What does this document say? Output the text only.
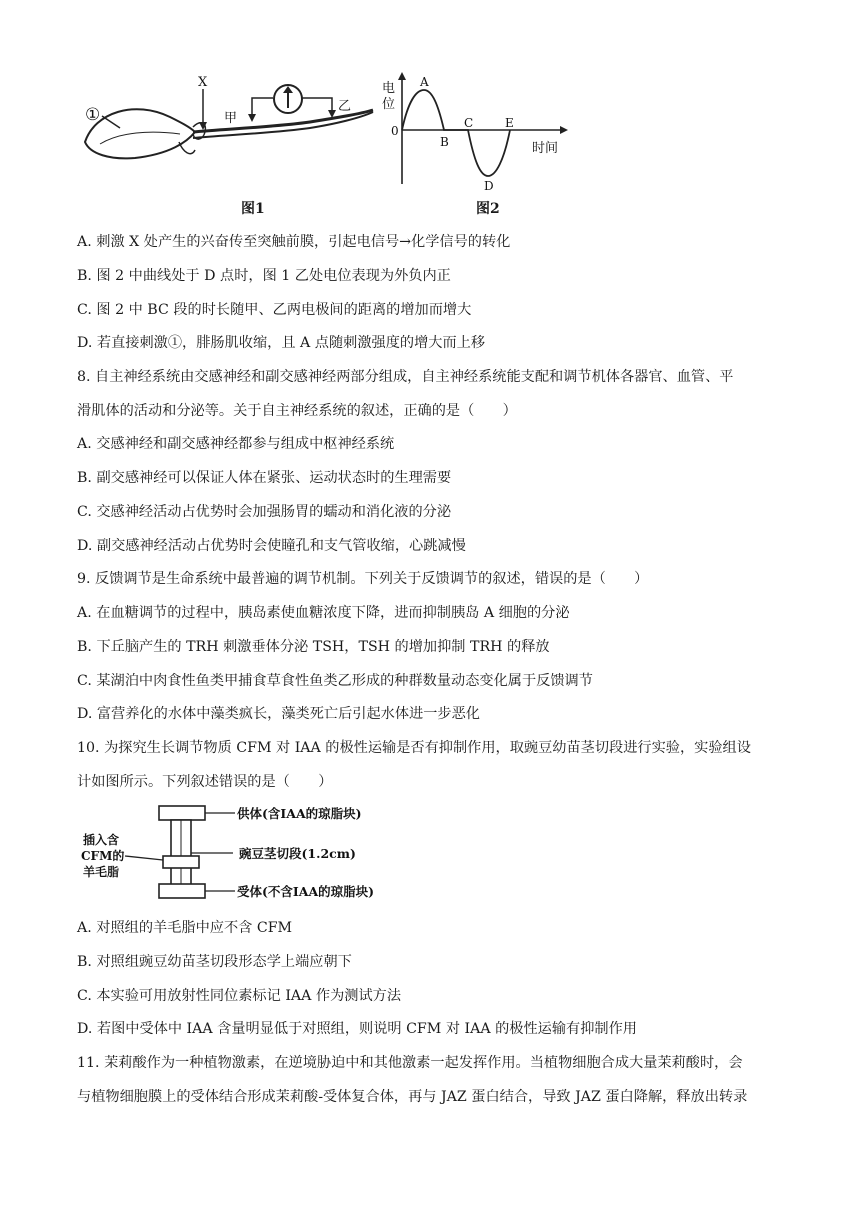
①
X
甲
乙
图1
电
位
0
时间
A
B
C
D
E
图2
A. 刺激 X 处产生的兴奋传至突触前膜，引起电信号→化学信号的转化
B. 图 2 中曲线处于 D 点时，图 1 乙处电位表现为外负内正
C. 图 2 中 BC 段的时长随甲、乙两电极间的距离的增加而增大
D. 若直接刺激①，腓肠肌收缩，且 A 点随刺激强度的增大而上移
8. 自主神经系统由交感神经和副交感神经两部分组成，自主神经系统能支配和调节机体各器官、血管、平
滑肌体的活动和分泌等。关于自主神经系统的叙述，正确的是（　　）
A. 交感神经和副交感神经都参与组成中枢神经系统
B. 副交感神经可以保证人体在紧张、运动状态时的生理需要
C. 交感神经活动占优势时会加强肠胃的蠕动和消化液的分泌
D. 副交感神经活动占优势时会使瞳孔和支气管收缩，心跳减慢
9. 反馈调节是生命系统中最普遍的调节机制。下列关于反馈调节的叙述，错误的是（　　）
A. 在血糖调节的过程中，胰岛素使血糖浓度下降，进而抑制胰岛 A 细胞的分泌
B. 下丘脑产生的 TRH 刺激垂体分泌 TSH，TSH 的增加抑制 TRH 的释放
C. 某湖泊中肉食性鱼类甲捕食草食性鱼类乙形成的种群数量动态变化属于反馈调节
D. 富营养化的水体中藻类疯长，藻类死亡后引起水体进一步恶化
10. 为探究生长调节物质 CFM 对 IAA 的极性运输是否有抑制作用，取豌豆幼苗茎切段进行实验，实验组设
计如图所示。下列叙述错误的是（　　）
插入含
CFM的
羊毛脂
供体(含IAA的琼脂块)
豌豆茎切段(1.2cm)
受体(不含IAA的琼脂块)
A. 对照组的羊毛脂中应不含 CFM
B. 对照组豌豆幼苗茎切段形态学上端应朝下
C. 本实验可用放射性同位素标记 IAA 作为测试方法
D. 若图中受体中 IAA 含量明显低于对照组，则说明 CFM 对 IAA 的极性运输有抑制作用
11. 茉莉酸作为一种植物激素，在逆境胁迫中和其他激素一起发挥作用。当植物细胞合成大量茉莉酸时，会
与植物细胞膜上的受体结合形成茉莉酸-受体复合体，再与 JAZ 蛋白结合，导致 JAZ 蛋白降解，释放出转录
